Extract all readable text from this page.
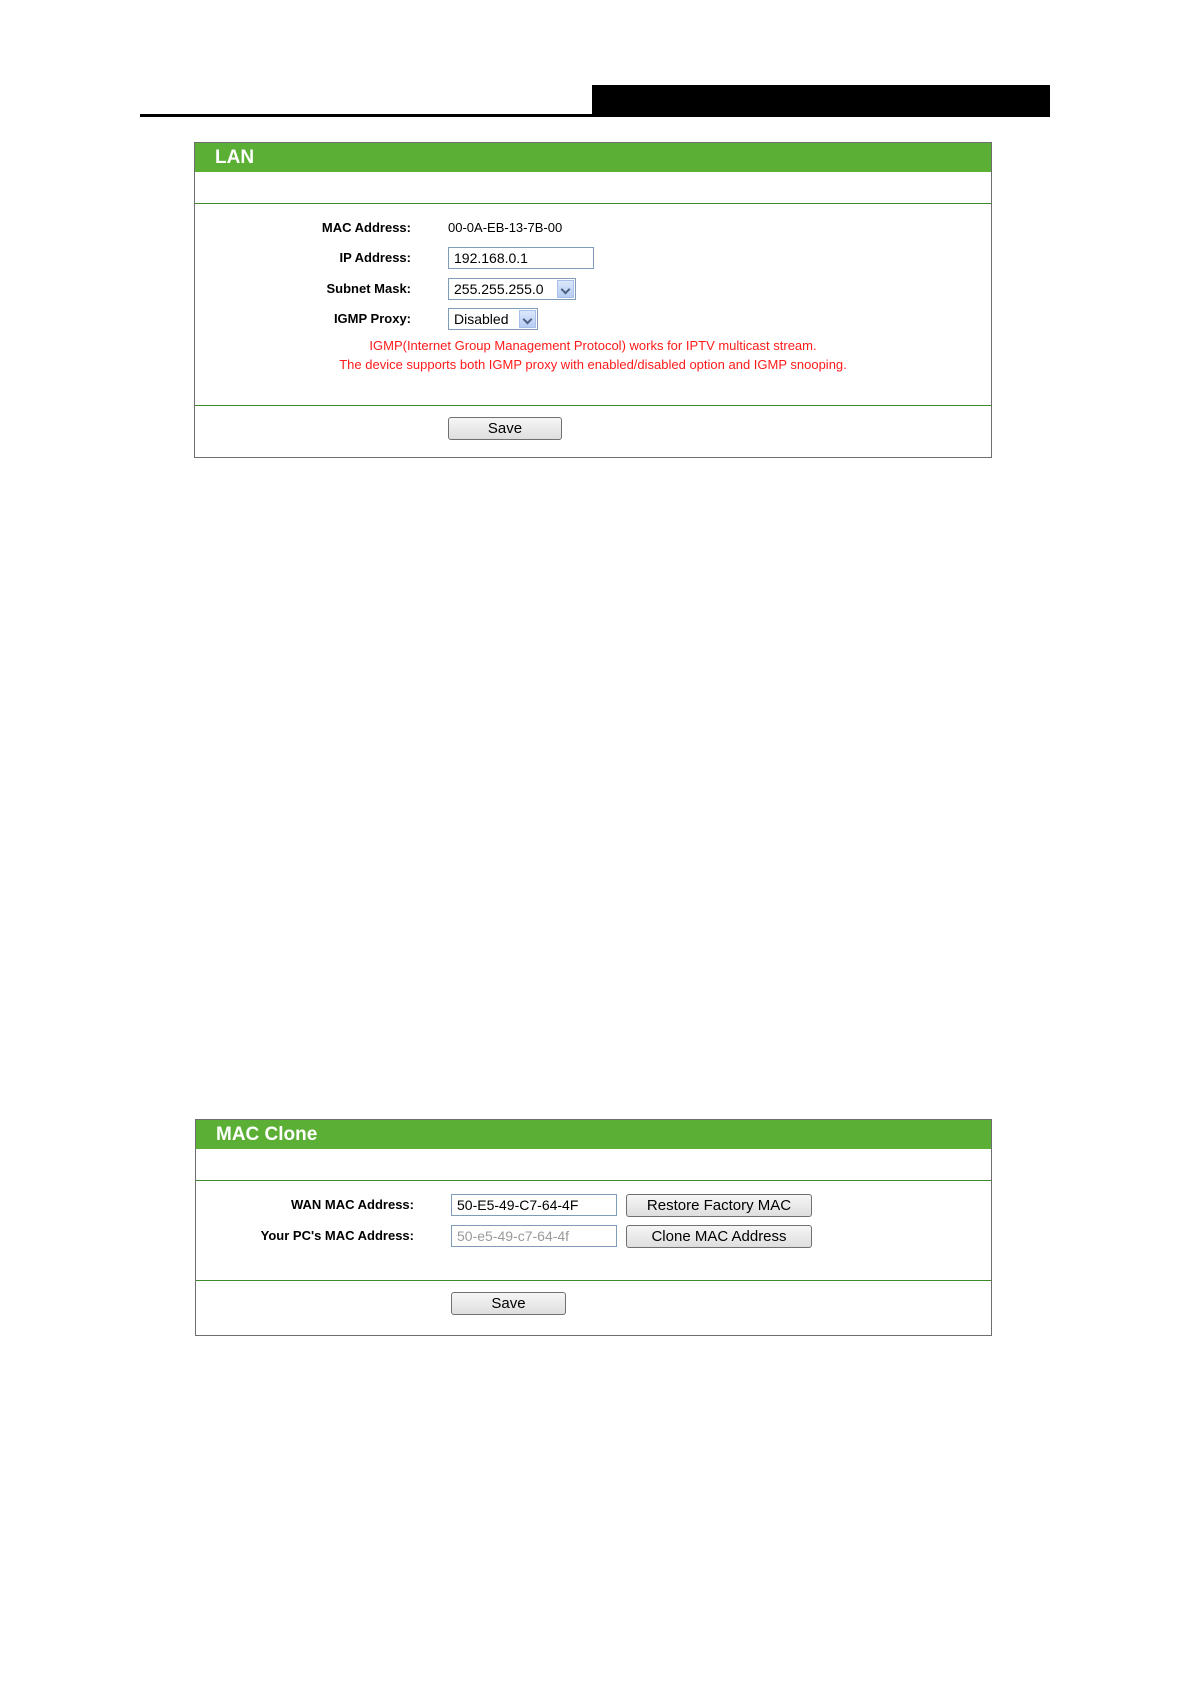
LAN
MAC Address:	00-0A-EB-13-7B-00
IP Address:	192.168.0.1
Subnet Mask:	255.255.255.0
IGMP Proxy:	Disabled
IGMP(Internet Group Management Protocol) works for IPTV multicast stream.
The device supports both IGMP proxy with enabled/disabled option and IGMP snooping.
Save
MAC Clone
WAN MAC Address:	50-E5-49-C7-64-4F	Restore Factory MAC
Your PC's MAC Address:	50-e5-49-c7-64-4f	Clone MAC Address
Save
